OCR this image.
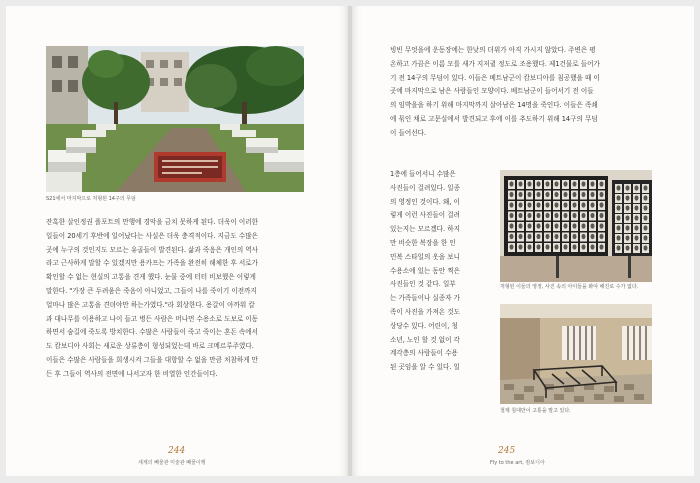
S21에서 마지막으로 처형된 14구의 무덤
잔혹한 살인정권 폴포트의 만행에 경악을 금치 못하게 된다. 더욱이 이러한
일들이 20세기 후반에 일어났다는 사실은 더욱 충격적이다. 지금도 수많은
곳에 누구의 것인지도 모르는 유골들이 발견된다. 삶과 죽음은 개인의 역사
라고 근사하게 말할 수 있겠지만 용카프는 가족을 완전히 해체한 후 서로가
확인할 수 없는 현실의 고통을 견게 했다. 눈물 중에 터터 비보했은 이렇게
말한다. "가장 큰 두려움은 죽음이 아니었고, 그들이 나를 죽이기 이전까지
얼마나 많은 고통을 견뎌야만 하는가였다."라 회상한다. 용갈이 아까워 칼
과 대나무를 이용하고 나이 들고 병든 사람은 머나먼 수용소로 도보로 이동
하면서 숨길에 죽도록 방치한다. 수많은 사람들이 죽고 죽이는 혼돈 속에서
도 캄보디아 사회는 새로운 상류층이 형성되었는데 바로 크메르루주였다.
이들은 수많은 사람들을 희생시켜 그들을 대항할 수 없을 만큼 처참하게 만
든 후 그들이 역사의 전면에 나서고자 한 비열한 인간들이다.
244
세계의 빼물관 미술관 빼물이행
빙빈 무엇을에 운동장에는 한낮의 더위가 아직 가시지 않았다. 주변은 평
온하고 가끔은 이름 모를 새가 지저귈 정도로 조용했다. 제1건물로 들어가
기 전 14구의 무덤이 있다. 이들은 베트남군이 캄보디아를 침공했을 때 이
곳에 마지막으로 남은 사람들인 모양이다. 베트남군이 들어서기 전 이들
의 임박을을 하기 위해 마지막까지 살아남은 14명을 죽인다. 이들은 족쇄
에 묶인 채로 고문실에서 발견되고 후에 이를 추도하기 위해 14구의 무덤
이 들어선다.
1층에 들어서니 수많은
사진들이 걸려있다. 일종
의 영정인 것이다. 왜, 이
렇게 이런 사진들이 걸려
있는지는 모르겠다. 하지
만 비슷한 복장을 한 인
민복 스타일의 옷을 보니
수용소에 있는 동안 찍은
사진들인 것 같다. 일부
는 가족들이나 실종자 가
족이 사진을 가져온 것도
상당수 있다. 어린이, 청
소년, 노인 할 것 없이 각
계각층의 사람들이 수용
된 곳임을 알 수 있다. 일
처형된 이들의 영정, 사진 속의 아이들을 봐야 해진로 수가 없다.
철제 침대만이 고통을 말고 있다.
245
Fly to the art, 캄보디아
